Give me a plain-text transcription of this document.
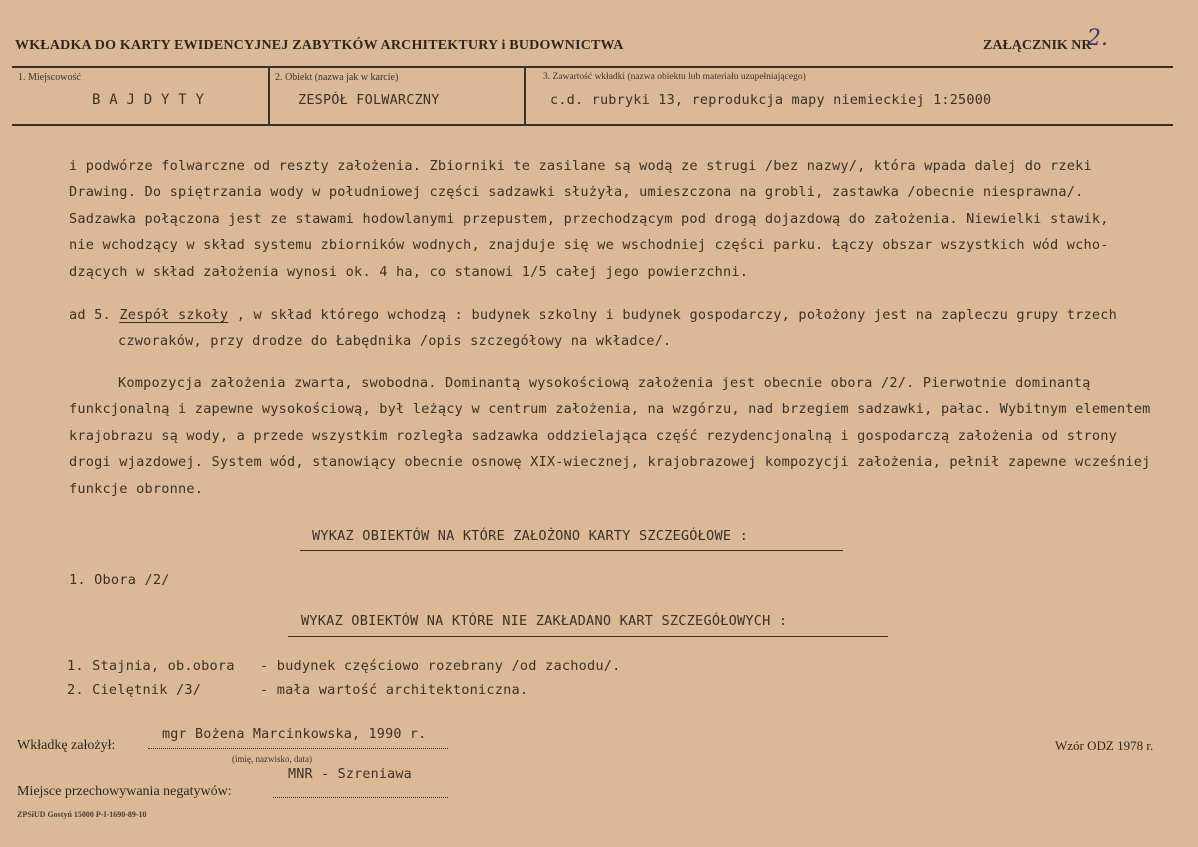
WKŁADKA DO KARTY EWIDENCYJNEJ ZABYTKÓW ARCHITEKTURY i BUDOWNICTWA	ZAŁĄCZNIK NR
2.
1. Miejscowość
B A J D Y T Y
2. Obiekt (nazwa jak w karcie)
ZESPÓŁ FOLWARCZNY
3. Zawartość wkładki (nazwa obiektu lub materiału uzupełniającego)
c.d. rubryki 13, reprodukcja mapy niemieckiej 1:25000
i podwórze folwarczne od reszty założenia. Zbiorniki te zasilane są wodą ze strugi /bez nazwy/, która wpada dalej do rzeki
Drawing. Do spiętrzania wody w południowej części sadzawki służyła, umieszczona na grobli, zastawka /obecnie niesprawna/.
Sadzawka połączona jest ze stawami hodowlanymi przepustem, przechodzącym pod drogą dojazdową do założenia. Niewielki stawik,
nie wchodzący w skład systemu zbiorników wodnych, znajduje się we wschodniej części parku. Łączy obszar wszystkich wód wcho-
dzących w skład założenia wynosi ok. 4 ha, co stanowi 1/5 całej jego powierzchni.
ad 5. Zespół szkoły , w skład którego wchodzą : budynek szkolny i budynek gospodarczy, położony jest na zapleczu grupy trzech
czworaków, przy drodze do Łabędnika /opis szczegółowy na wkładce/.
Kompozycja założenia zwarta, swobodna. Dominantą wysokościową założenia jest obecnie obora /2/. Pierwotnie dominantą
funkcjonalną i zapewne wysokościową, był leżący w centrum założenia, na wzgórzu, nad brzegiem sadzawki, pałac. Wybitnym elementem
krajobrazu są wody, a przede wszystkim rozległa sadzawka oddzielająca część rezydencjonalną i gospodarczą założenia od strony
drogi wjazdowej. System wód, stanowiący obecnie osnowę XIX-wiecznej, krajobrazowej kompozycji założenia, pełnił zapewne wcześniej
funkcje obronne.
WYKAZ OBIEKTÓW NA KTÓRE ZAŁOŻONO KARTY SZCZEGÓŁOWE :
1. Obora /2/
WYKAZ OBIEKTÓW NA KTÓRE NIE ZAKŁADANO KART SZCZEGÓŁOWYCH :
1. Stajnia, ob.obora - budynek częściowo rozebrany /od zachodu/.
2. Cielętnik /3/	- mała wartość architektoniczna.
Wkładkę założył:
mgr Bożena Marcinkowska, 1990 r.
(imię, nazwisko, data)
MNR - Szreniawa
Miejsce przechowywania negatywów:
Wzór ODZ 1978 r.
ZPSiUD Gostyń 15000 P-I-1690-89-10
